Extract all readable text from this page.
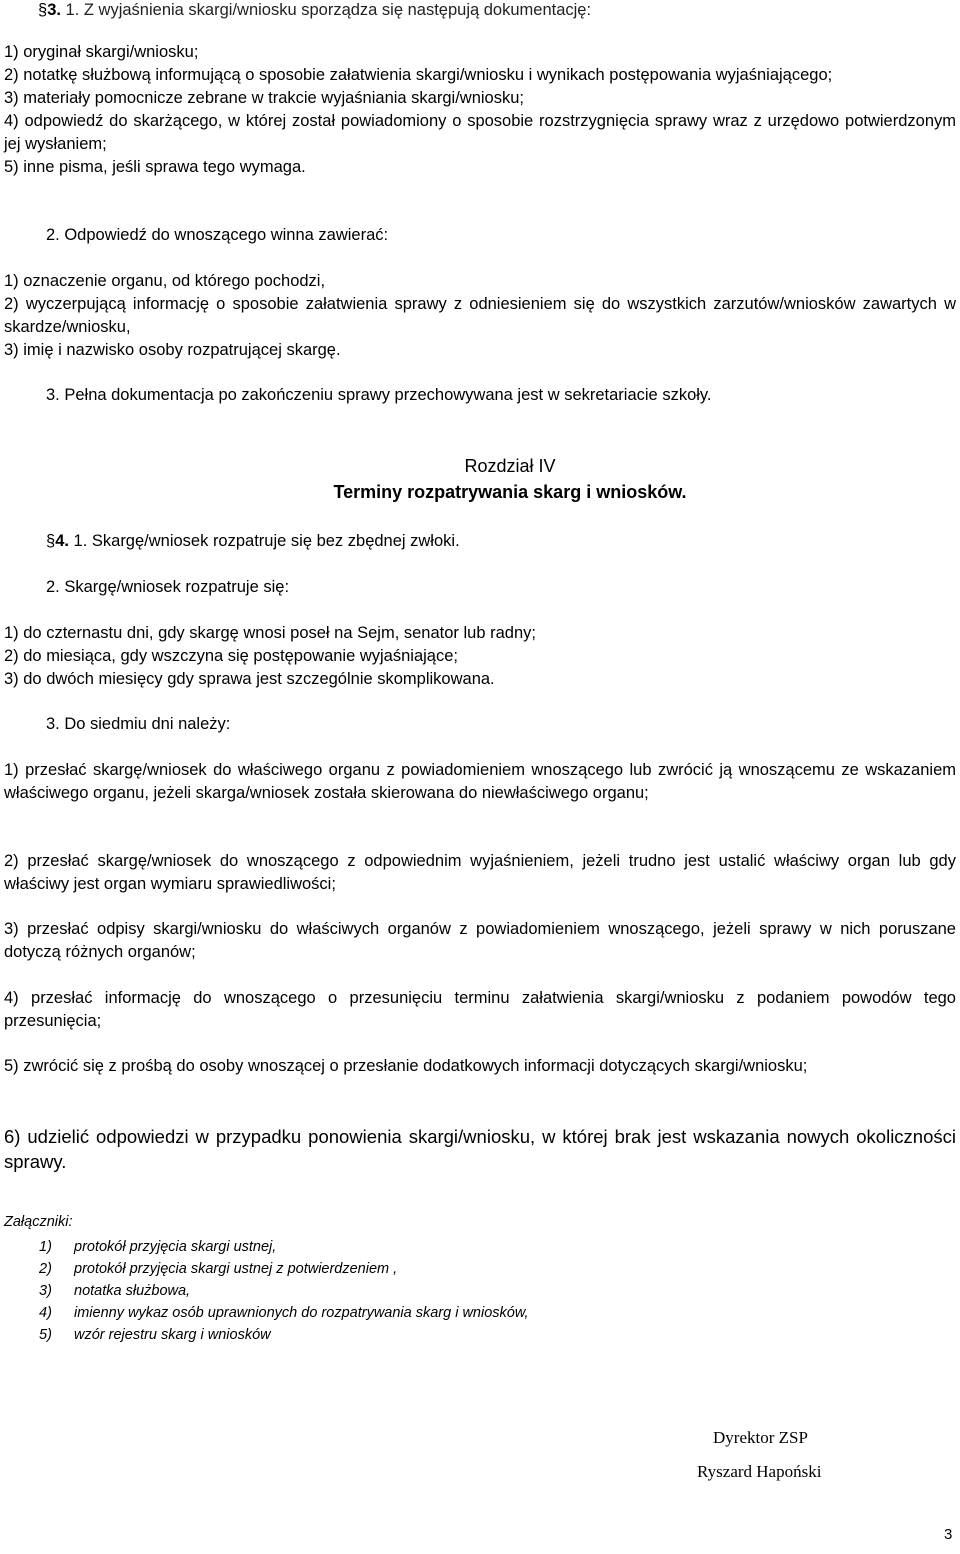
§3. 1. Z wyjaśnienia skargi/wniosku sporządza się następują dokumentację:

1) oryginał skargi/wniosku;

2) notatkę służbową informującą o sposobie załatwienia skargi/wniosku i wynikach postępowania wyjaśniającego;

3) materiały pomocnicze zebrane w trakcie wyjaśniania skargi/wniosku;

4) odpowiedź do skarżącego, w której został powiadomiony o sposobie rozstrzygnięcia sprawy wraz z urzędowo potwierdzonym jej wysłaniem;

5) inne pisma, jeśli sprawa tego wymaga.

2. Odpowiedź do wnoszącego winna zawierać:

1) oznaczenie organu, od którego pochodzi,

2) wyczerpującą informację o sposobie załatwienia sprawy z odniesieniem się do wszystkich zarzutów/wniosków zawartych w skardze/wniosku,

3) imię i nazwisko osoby rozpatrującej skargę.

3. Pełna dokumentacja po zakończeniu sprawy przechowywana jest w sekretariacie szkoły.
Rozdział IV
Terminy rozpatrywania skarg i wniosków.
§4. 1. Skargę/wniosek rozpatruje się bez zbędnej zwłoki.
2. Skargę/wniosek rozpatruje się:

1) do czternastu dni, gdy skargę wnosi poseł na Sejm, senator lub radny;

2) do miesiąca, gdy wszczyna się postępowanie wyjaśniające;

3) do dwóch miesięcy gdy sprawa jest szczególnie skomplikowana.

3. Do siedmiu dni należy:
1) przesłać skargę/wniosek do właściwego organu z powiadomieniem wnoszącego lub zwrócić ją wnoszącemu ze wskazaniem właściwego organu, jeżeli skarga/wniosek została skierowana do niewłaściwego organu;
2) przesłać skargę/wniosek do wnoszącego z odpowiednim wyjaśnieniem, jeżeli trudno jest ustalić właściwy organ lub gdy właściwy jest organ wymiaru sprawiedliwości;
3) przesłać odpisy skargi/wniosku do właściwych organów z powiadomieniem wnoszącego, jeżeli sprawy w nich poruszane dotyczą różnych organów;
4) przesłać informację do wnoszącego o przesunięciu terminu załatwienia skargi/wniosku z podaniem powodów tego przesunięcia;
5) zwrócić się z prośbą do osoby wnoszącej o przesłanie dodatkowych informacji dotyczących skargi/wniosku;
6) udzielić odpowiedzi w przypadku ponowienia skargi/wniosku, w której brak jest wskazania nowych okoliczności sprawy.
Załączniki:
1) protokół przyjęcia skargi ustnej,
2) protokół przyjęcia skargi ustnej z potwierdzeniem ,
3) notatka służbowa,
4) imienny wykaz osób uprawnionych do rozpatrywania skarg i wniosków,
5) wzór rejestru skarg i wniosków
Dyrektor ZSP
Ryszard Hapoński
3
